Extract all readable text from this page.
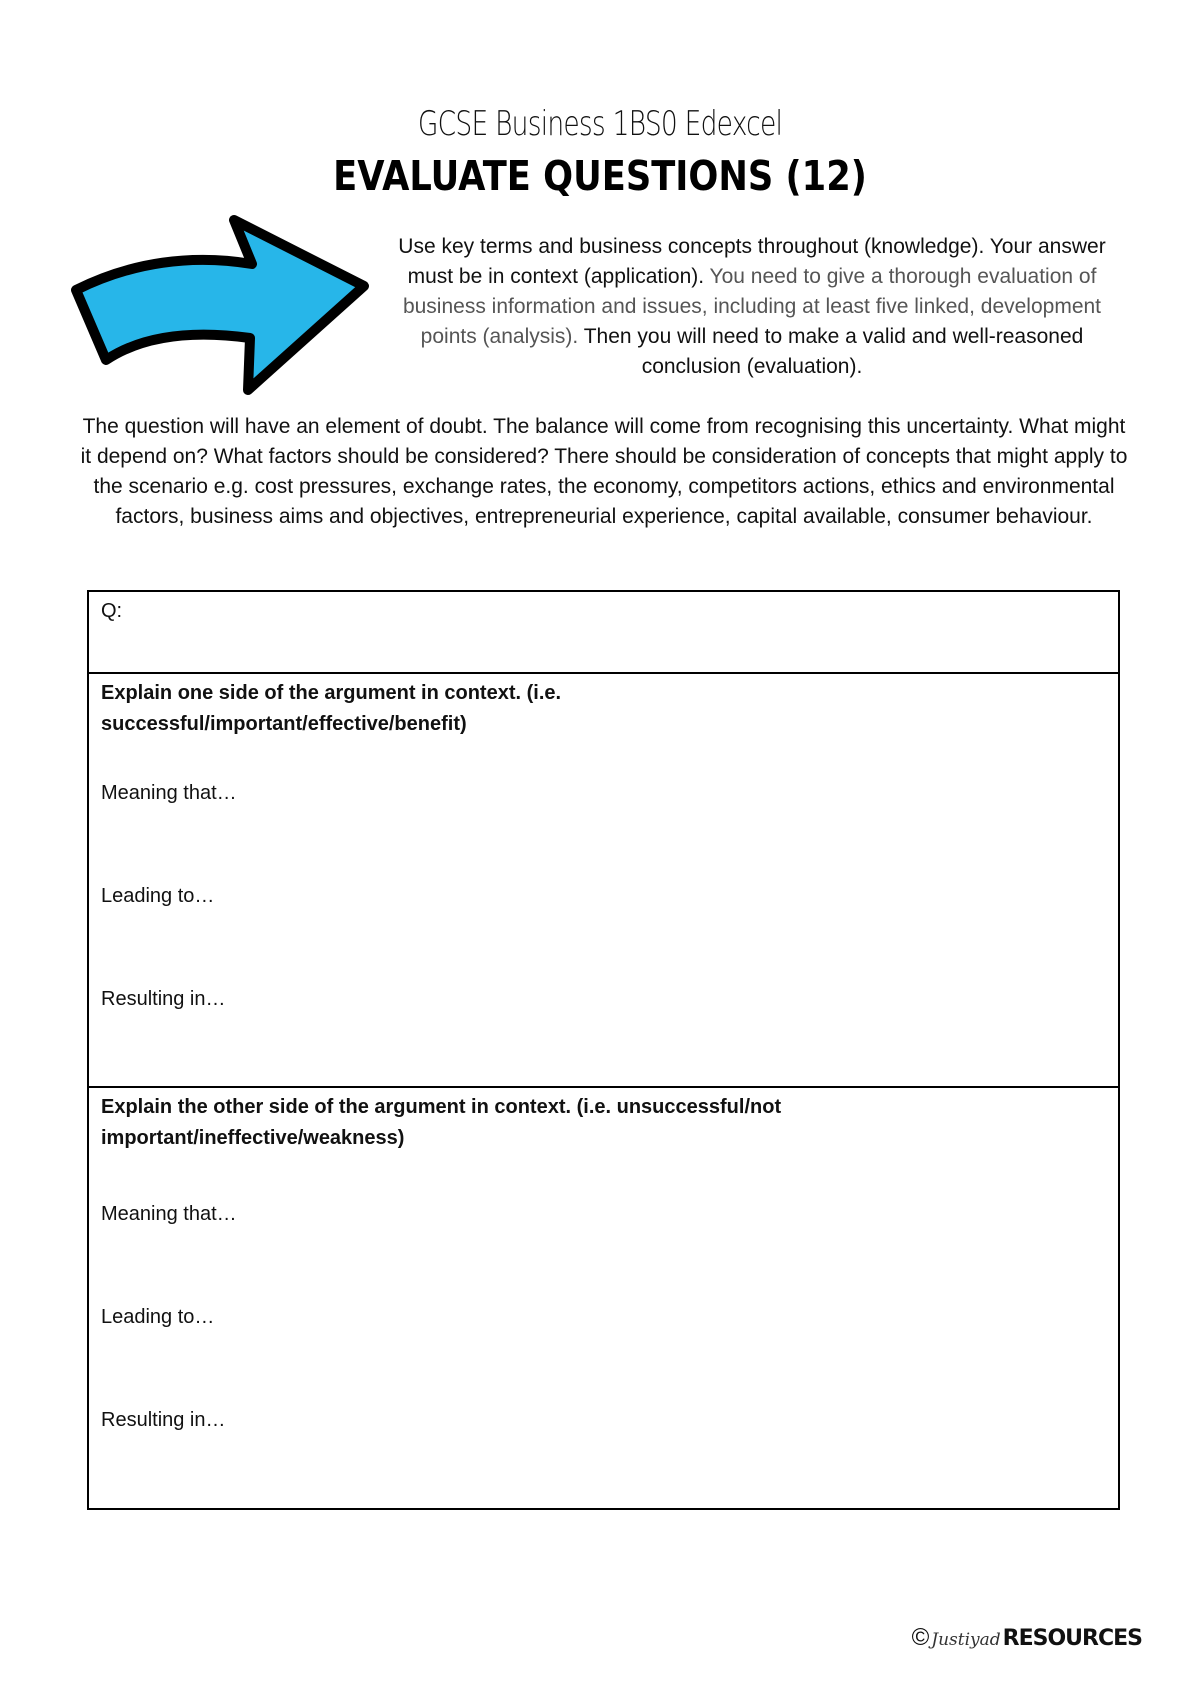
GCSE Business 1BS0 Edexcel
EVALUATE QUESTIONS (12)
Use key terms and business concepts throughout (knowledge). Your answer must be in context (application). You need to give a thorough evaluation of business information and issues, including at least five linked, development points (analysis). Then you will need to make a valid and well-reasoned conclusion (evaluation).
The question will have an element of doubt. The balance will come from recognising this uncertainty. What might it depend on? What factors should be considered? There should be consideration of concepts that might apply to the scenario e.g. cost pressures, exchange rates, the economy, competitors actions, ethics and environmental factors, business aims and objectives, entrepreneurial experience, capital available, consumer behaviour.
Q:
Explain one side of the argument in context. (i.e. successful/important/effective/benefit)
Meaning that…
Leading to…
Resulting in…
Explain the other side of the argument in context. (i.e. unsuccessful/not important/ineffective/weakness)
Meaning that…
Leading to…
Resulting in…
© Justiyad RESOURCES
